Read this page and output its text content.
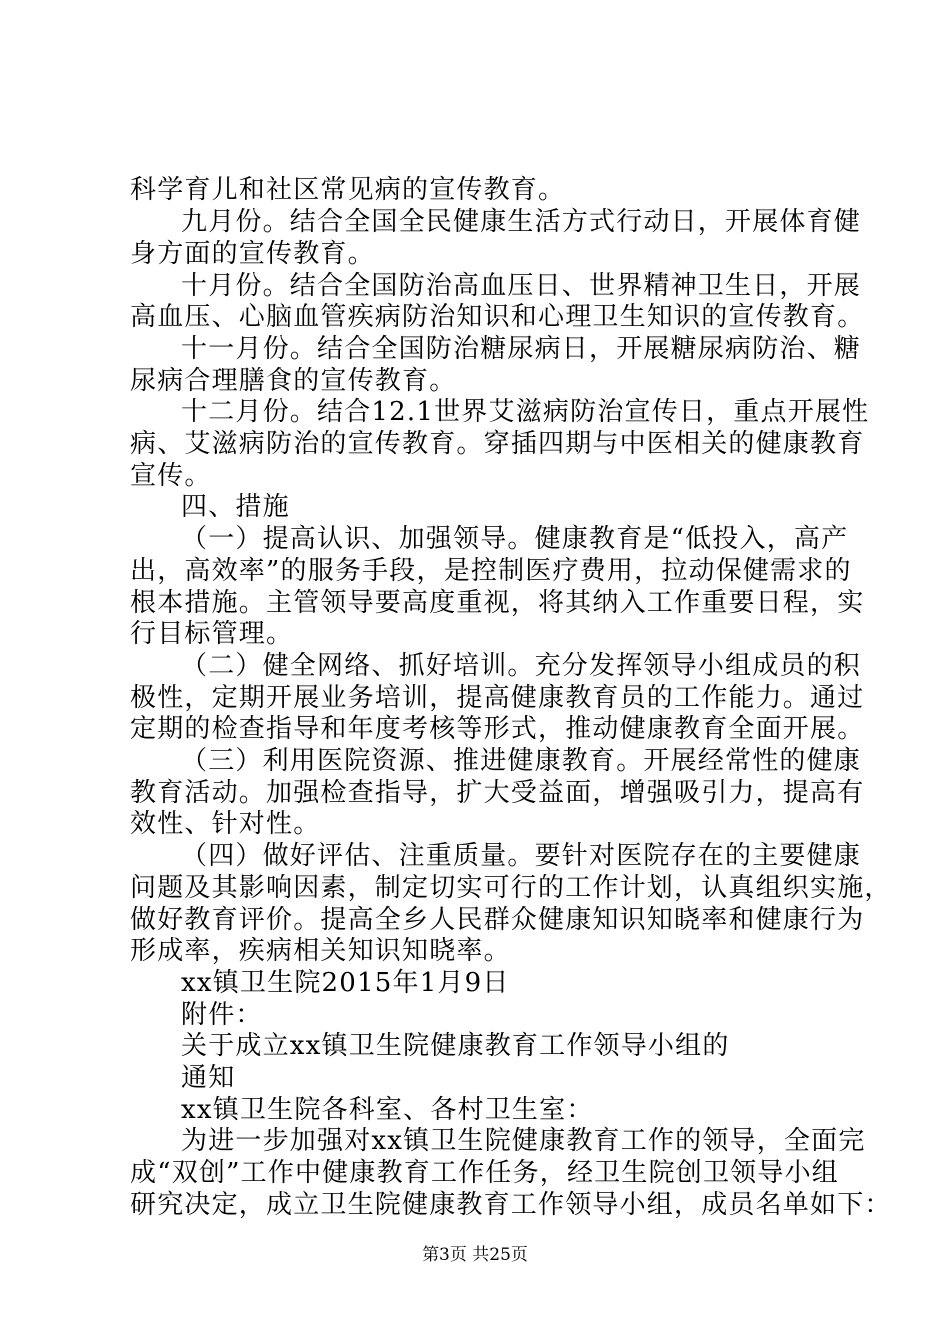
科学育儿和社区常见病的宣传教育。
九月份。结合全国全民健康生活方式行动日，开展体育健
身方面的宣传教育。
十月份。结合全国防治高血压日、世界精神卫生日，开展
高血压、心脑血管疾病防治知识和心理卫生知识的宣传教育。
十一月份。结合全国防治糖尿病日，开展糖尿病防治、糖
尿病合理膳食的宣传教育。
十二月份。结合12.1世界艾滋病防治宣传日，重点开展性
病、艾滋病防治的宣传教育。穿插四期与中医相关的健康教育
宣传。
四、措施
（一）提高认识、加强领导。健康教育是“低投入，高产
出，高效率”的服务手段，是控制医疗费用，拉动保健需求的
根本措施。主管领导要高度重视，将其纳入工作重要日程，实
行目标管理。
（二）健全网络、抓好培训。充分发挥领导小组成员的积
极性，定期开展业务培训，提高健康教育员的工作能力。通过
定期的检查指导和年度考核等形式，推动健康教育全面开展。
（三）利用医院资源、推进健康教育。开展经常性的健康
教育活动。加强检查指导，扩大受益面，增强吸引力，提高有
效性、针对性。
（四）做好评估、注重质量。要针对医院存在的主要健康
问题及其影响因素，制定切实可行的工作计划，认真组织实施，
做好教育评价。提高全乡人民群众健康知识知晓率和健康行为
形成率，疾病相关知识知晓率。
xx镇卫生院2015年1月9日
附件：
关于成立xx镇卫生院健康教育工作领导小组的
通知
xx镇卫生院各科室、各村卫生室：
为进一步加强对xx镇卫生院健康教育工作的领导，全面完
成“双创”工作中健康教育工作任务，经卫生院创卫领导小组
研究决定，成立卫生院健康教育工作领导小组，成员名单如下：
第3页 共25页
